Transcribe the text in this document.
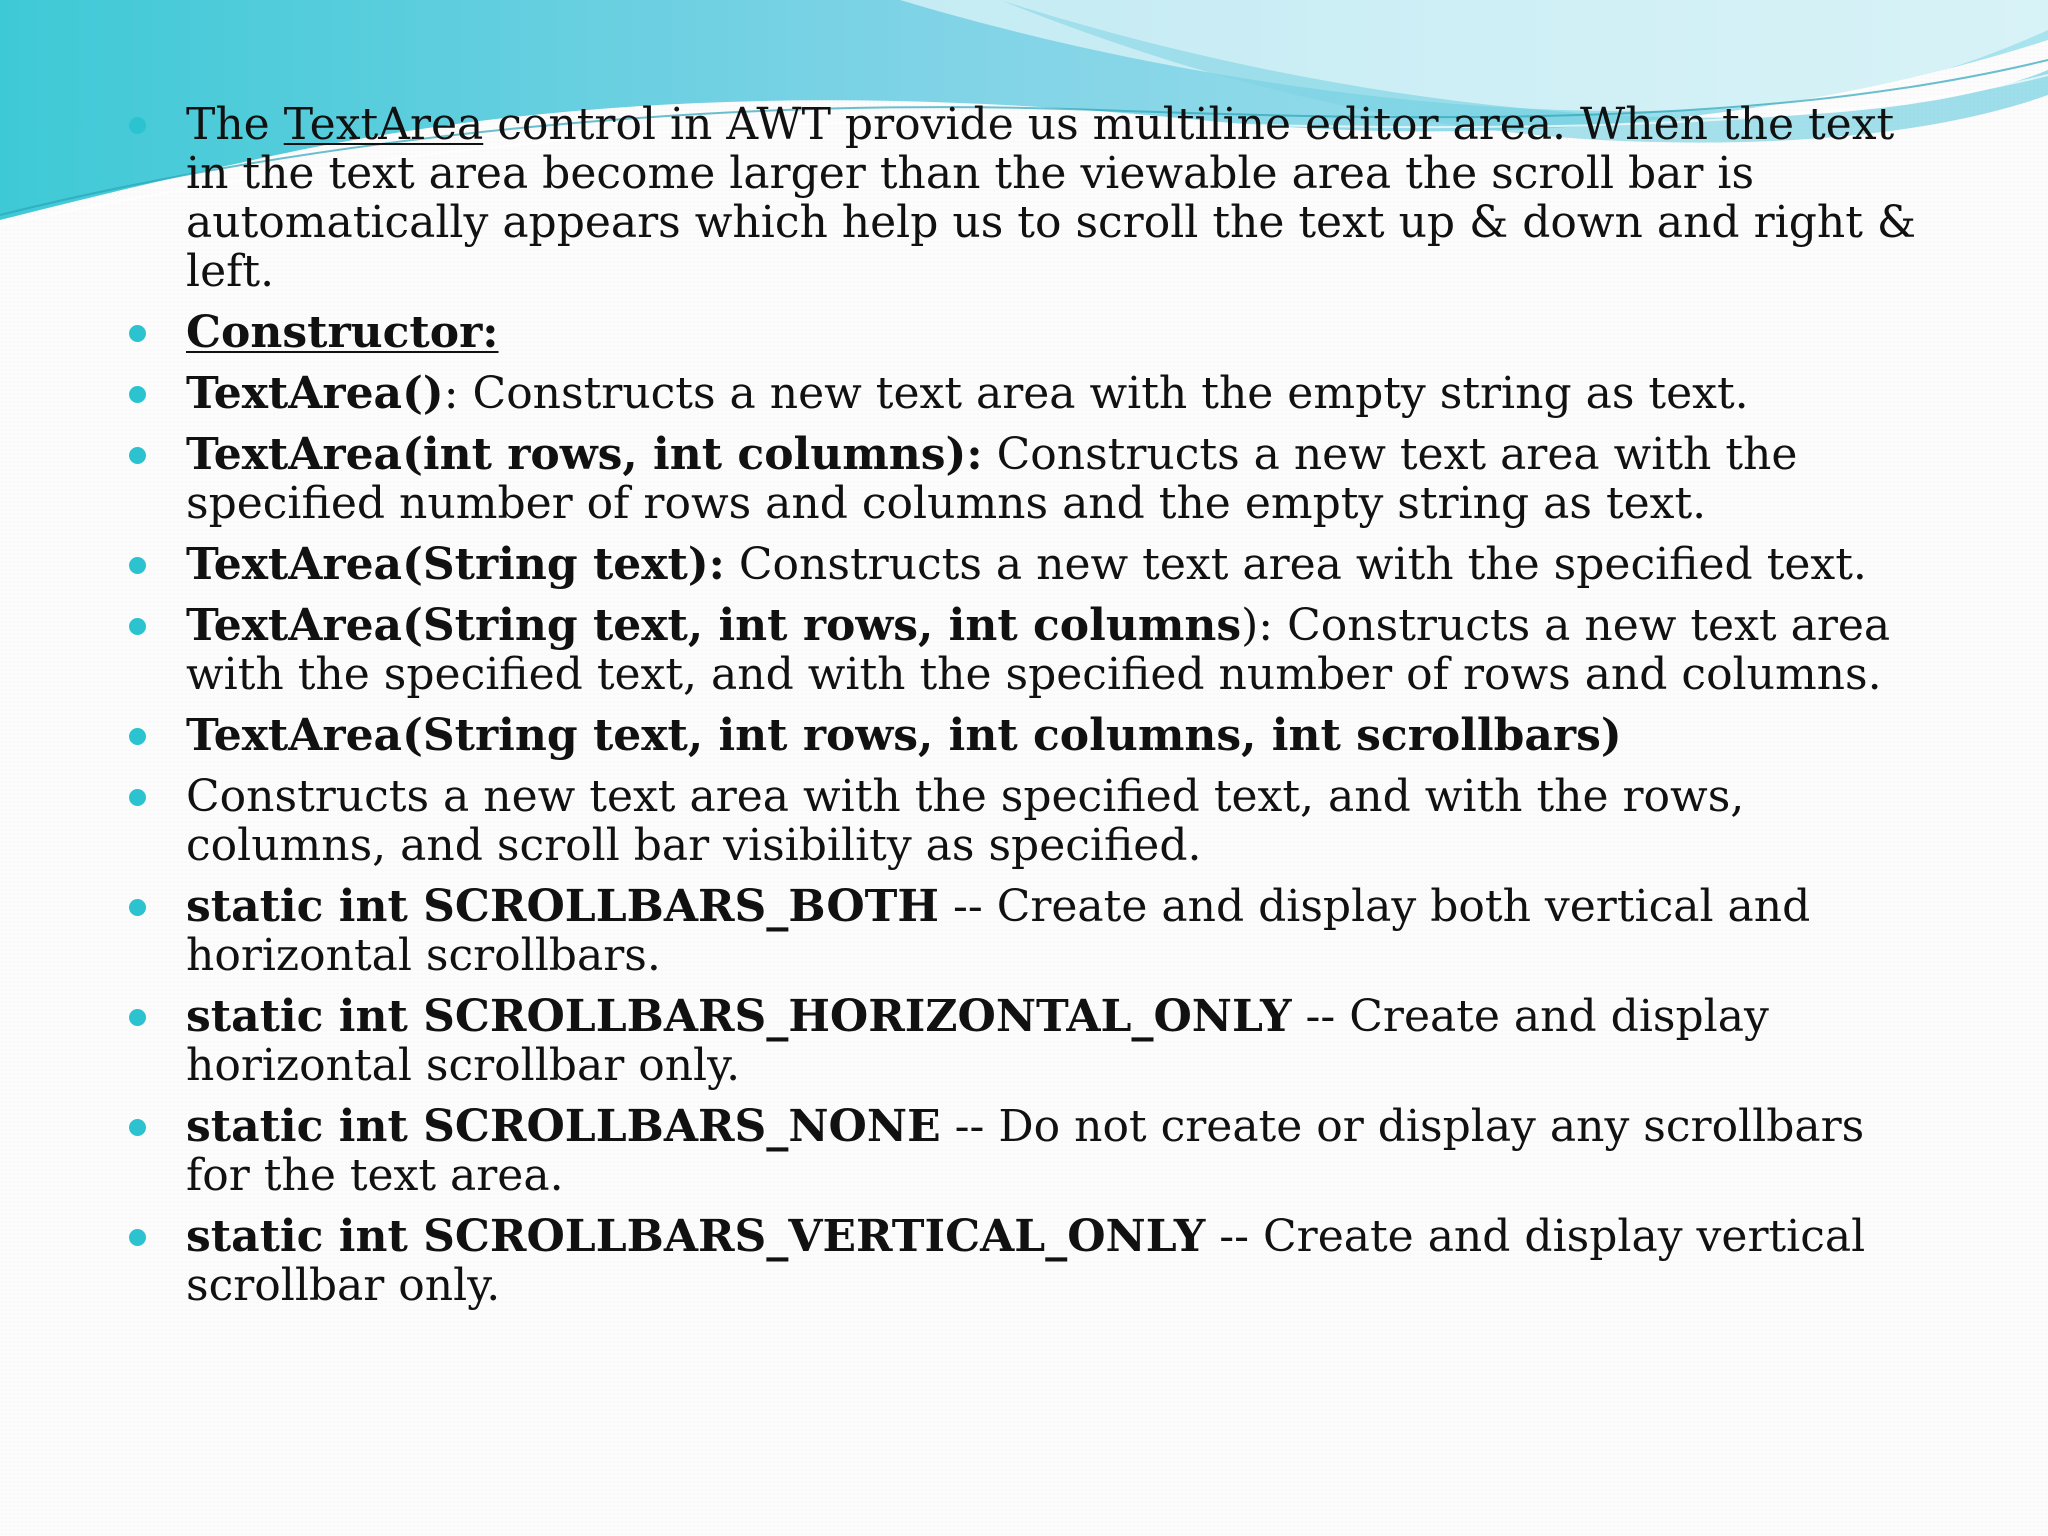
The TextArea control in AWT provide us multiline editor area. When the text in the text area become larger than the viewable area the scroll bar is automatically appears which help us to scroll the text up & down and right & left.
Constructor:
TextArea(): Constructs a new text area with the empty string as text.
TextArea(int rows, int columns): Constructs a new text area with the specified number of rows and columns and the empty string as text.
TextArea(String text): Constructs a new text area with the specified text.
TextArea(String text, int rows, int columns): Constructs a new text area with the specified text, and with the specified number of rows and columns.
TextArea(String text, int rows, int columns, int scrollbars)
Constructs a new text area with the specified text, and with the rows, columns, and scroll bar visibility as specified.
static int SCROLLBARS_BOTH -- Create and display both vertical and horizontal scrollbars.
static int SCROLLBARS_HORIZONTAL_ONLY -- Create and display horizontal scrollbar only.
static int SCROLLBARS_NONE -- Do not create or display any scrollbars for the text area.
static int SCROLLBARS_VERTICAL_ONLY -- Create and display vertical scrollbar only.
